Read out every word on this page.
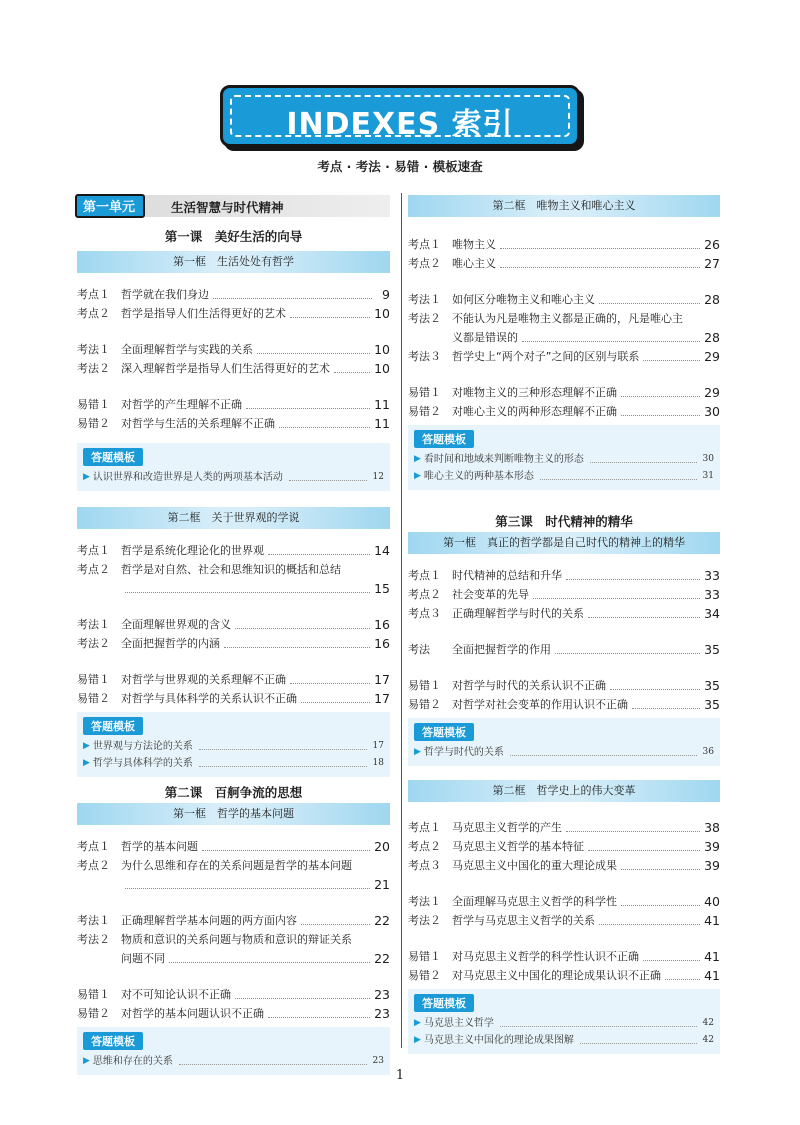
INDEXES 索引
考点 · 考法 · 易错 · 模板速查
第一单元	生活智慧与时代精神
第一课　美好生活的向导
第一框　生活处处有哲学
考点１	哲学就在我们身边	9
考点２	哲学是指导人们生活得更好的艺术	10
考法１	全面理解哲学与实践的关系	10
考法２	深入理解哲学是指导人们生活得更好的艺术	10
易错１	对哲学的产生理解不正确	11
易错２	对哲学与生活的关系理解不正确	11
答题模板
▶ 认识世界和改造世界是人类的两项基本活动	12
第二框　关于世界观的学说
考点１	哲学是系统化理论化的世界观	14
考点２	哲学是对自然、社会和思维知识的概括和总结
15
考法１	全面理解世界观的含义	16
考法２	全面把握哲学的内涵	16
易错１	对哲学与世界观的关系理解不正确	17
易错２	对哲学与具体科学的关系认识不正确	17
答题模板
▶ 世界观与方法论的关系	17
▶ 哲学与具体科学的关系	18
第二课　百舸争流的思想
第一框　哲学的基本问题
考点１	哲学的基本问题	20
考点２	为什么思维和存在的关系问题是哲学的基本问题
21
考法１	正确理解哲学基本问题的两方面内容	22
考法２	物质和意识的关系问题与物质和意识的辩证关系
问题不同	22
易错１	对不可知论认识不正确	23
易错２	对哲学的基本问题认识不正确	23
答题模板
▶ 思维和存在的关系	23
第二框　唯物主义和唯心主义
考点１	唯物主义	26
考点２	唯心主义	27
考法１	如何区分唯物主义和唯心主义	28
考法２	不能认为凡是唯物主义都是正确的，凡是唯心主
义都是错误的	28
考法３	哲学史上“两个对子”之间的区别与联系	29
易错１	对唯物主义的三种形态理解不正确	29
易错２	对唯心主义的两种形态理解不正确	30
答题模板
▶ 看时间和地域来判断唯物主义的形态	30
▶ 唯心主义的两种基本形态	31
第三课　时代精神的精华
第一框　真正的哲学都是自己时代的精神上的精华
考点１	时代精神的总结和升华	33
考点２	社会变革的先导	33
考点３	正确理解哲学与时代的关系	34
考法	全面把握哲学的作用	35
易错１	对哲学与时代的关系认识不正确	35
易错２	对哲学对社会变革的作用认识不正确	35
答题模板
▶ 哲学与时代的关系	36
第二框　哲学史上的伟大变革
考点１	马克思主义哲学的产生	38
考点２	马克思主义哲学的基本特征	39
考点３	马克思主义中国化的重大理论成果	39
考法１	全面理解马克思主义哲学的科学性	40
考法２	哲学与马克思主义哲学的关系	41
易错１	对马克思主义哲学的科学性认识不正确	41
易错２	对马克思主义中国化的理论成果认识不正确	41
答题模板
▶ 马克思主义哲学	42
▶ 马克思主义中国化的理论成果图解	42
1
